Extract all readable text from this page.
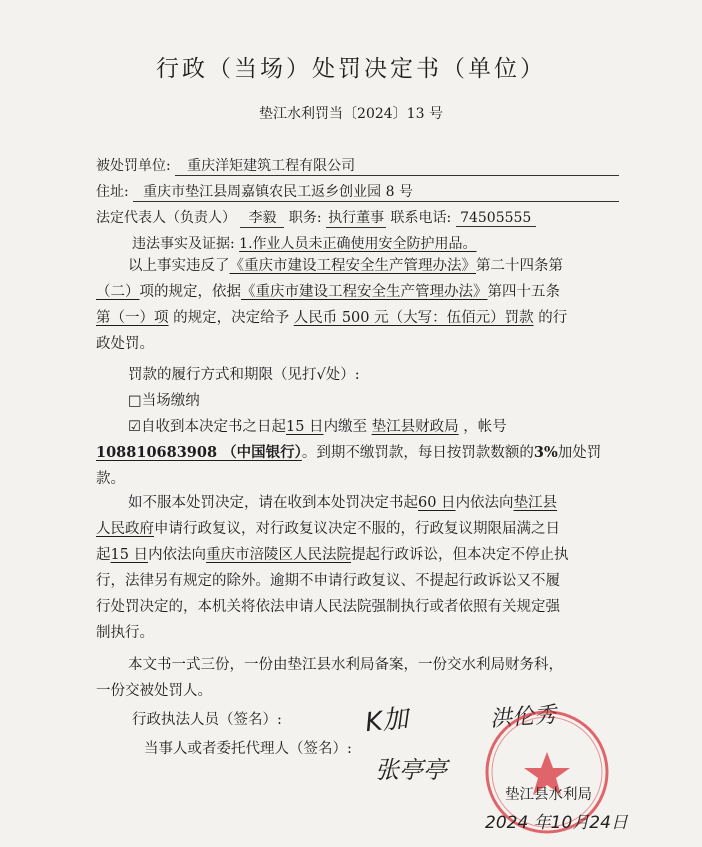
行政（当场）处罚决定书（单位）
垫江水利罚当〔2024〕13 号
被处罚单位: 重庆洋矩建筑工程有限公司
住址: 重庆市垫江县周嘉镇农民工返乡创业园 8 号
法定代表人（负责人） 李毅 职务: 执行董事 联系电话: 74505555
违法事实及证据: 1.作业人员未正确使用安全防护用品。
以上事实违反了《重庆市建设工程安全生产管理办法》第二十四条第
（二）项的规定，依据《重庆市建设工程安全生产管理办法》第四十五条
第（一）项 的规定，决定给予 人民币 500 元（大写：伍佰元）罚款 的行
政处罚。
罚款的履行方式和期限（见打√处）:
□当场缴纳
☑自收到本决定书之日起15 日内缴至 垫江县财政局 ，帐号
108810683908 （中国银行）。到期不缴罚款，每日按罚款数额的3%加处罚
款。
如不服本处罚决定，请在收到本处罚决定书起60 日内依法向垫江县
人民政府申请行政复议，对行政复议决定不服的，行政复议期限届满之日
起15 日内依法向重庆市涪陵区人民法院提起行政诉讼，但本决定不停止执
行，法律另有规定的除外。逾期不申请行政复议、不提起行政诉讼又不履
行处罚决定的，本机关将依法申请人民法院强制执行或者依照有关规定强
制执行。
本文书一式三份，一份由垫江县水利局备案，一份交水利局财务科，
一份交被处罚人。
行政执法人员（签名）:
当事人或者委托代理人（签名）:
K加	洪伦秀
张亭亭
垫江县水利局
2024 年10月24日
